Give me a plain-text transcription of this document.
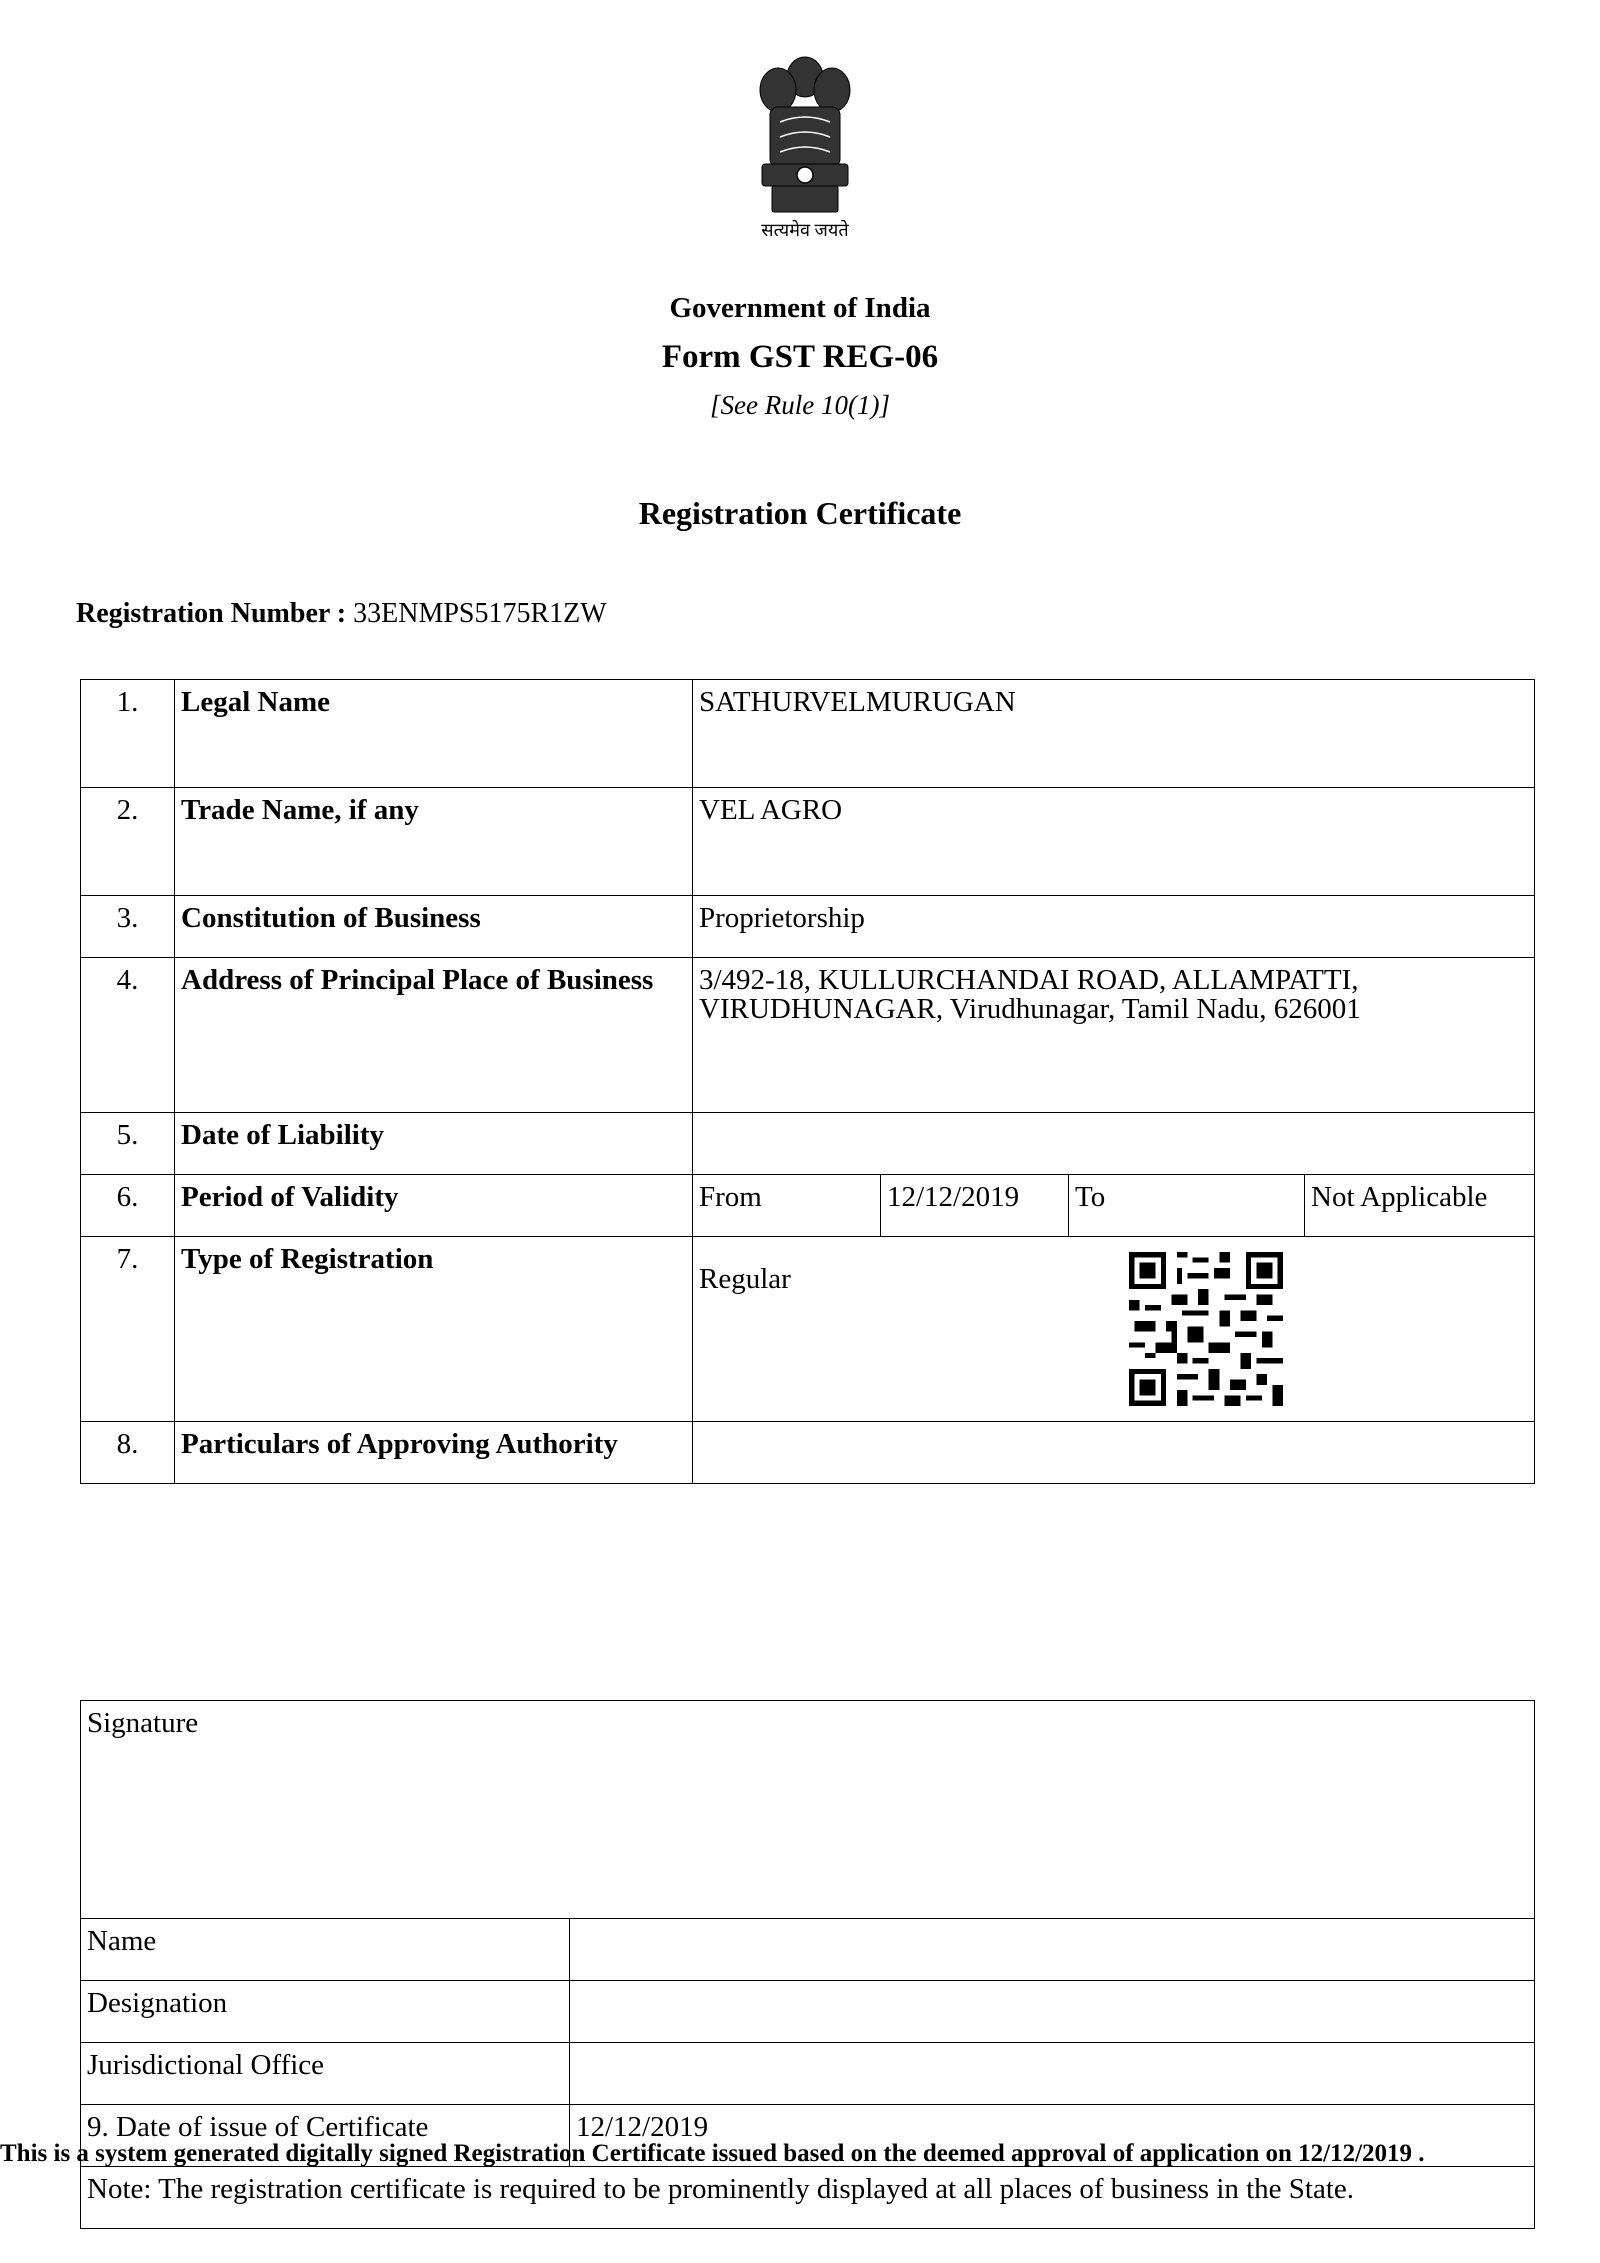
सत्यमेव जयते
Government of India
Form GST REG-06
[See Rule 10(1)]
Registration Certificate
Registration Number : 33ENMPS5175R1ZW
1.	Legal Name	SATHURVELMURUGAN			
2.	Trade Name, if any	VEL AGRO			
3.	Constitution of Business	Proprietorship			
4.	Address of Principal Place of Business	3/492-18, KULLURCHANDAI ROAD, ALLAMPATTI, VIRUDHUNAGAR, Virudhunagar, Tamil Nadu, 626001			
5.	Date of Liability				
6.	Period of Validity	From	12/12/2019	To	Not Applicable
7.	Type of Registration	Regular			

8.	Particulars of Approving Authority				
Signature	
Name	
Designation	
Jurisdictional Office	
9. Date of issue of Certificate	12/12/2019
Note: The registration certificate is required to be prominently displayed at all places of business in the State.	
This is a system generated digitally signed Registration Certificate issued based on the deemed approval of application on 12/12/2019 .
